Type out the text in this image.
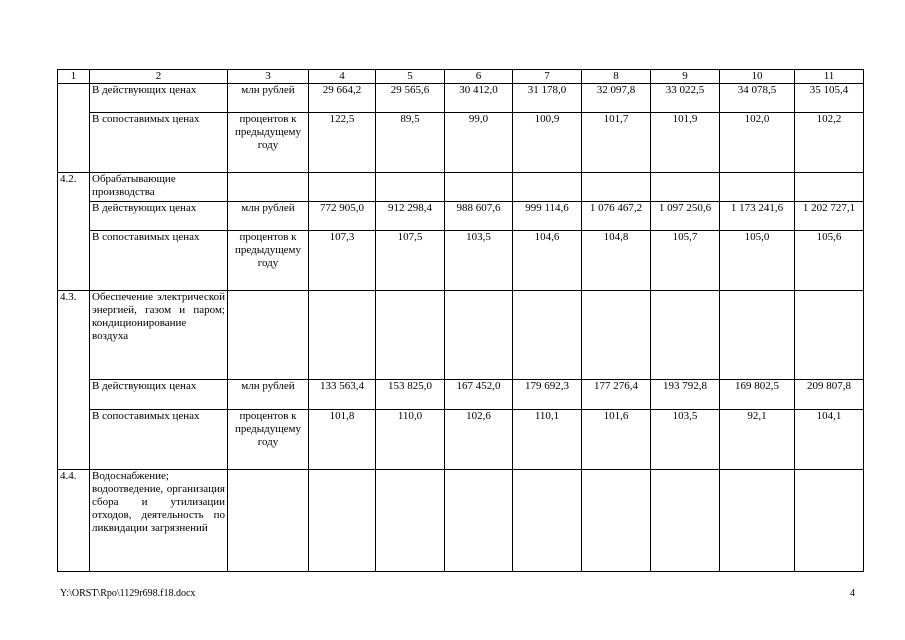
1	2	3	4	5	6	7	8	9	10	11
	В действующих ценах	млн рублей	29 664,2	29 565,6	30 412,0	31 178,0	32 097,8	33 022,5	34 078,5	35 105,4
	В сопоставимых ценах	процентов к предыдущему году	122,5	89,5	99,0	100,9	101,7	101,9	102,0	102,2
4.2.	Обрабатывающие производства									
	В действующих ценах	млн рублей	772 905,0	912 298,4	988 607,6	999 114,6	1 076 467,2	1 097 250,6	1 173 241,6	1 202 727,1
	В сопоставимых ценах	процентов к предыдущему году	107,3	107,5	103,5	104,6	104,8	105,7	105,0	105,6
4.3.	Обеспечение электрической энергией, газом и паром; кондиционирование воздуха									
	В действующих ценах	млн рублей	133 563,4	153 825,0	167 452,0	179 692,3	177 276,4	193 792,8	169 802,5	209 807,8
	В сопоставимых ценах	процентов к предыдущему году	101,8	110,0	102,6	110,1	101,6	103,5	92,1	104,1
4.4.	Водоснабжение; водоотведение, организация сбора и утилизации отходов, деятельность по ликвидации загрязнений									
Y:\ORST\Rpo\1129r698.f18.docx	4
